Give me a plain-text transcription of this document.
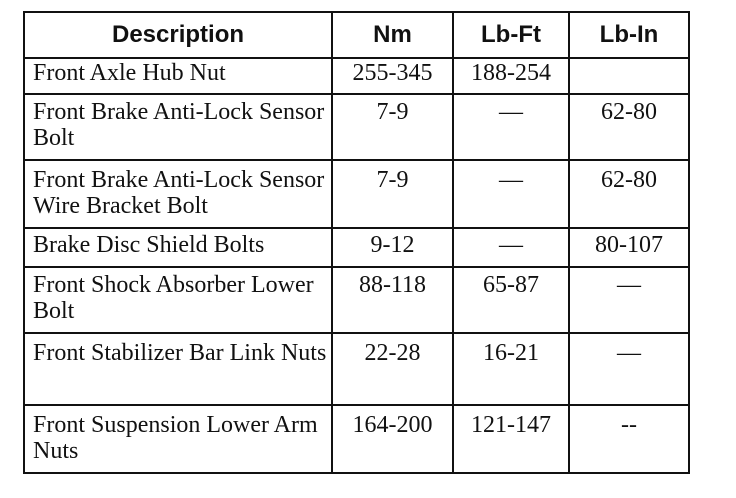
Description	Nm	Lb-Ft	Lb-In
Front Axle Hub Nut	255-345	188-254	
Front Brake Anti-Lock Sensor Bolt	7-9	—	62-80
Front Brake Anti-Lock Sensor Wire Bracket Bolt	7-9	—	62-80
Brake Disc Shield Bolts	9-12	—	80-107
Front Shock Absorber Lower Bolt	88-118	65-87	—
Front Stabilizer Bar Link Nuts	22-28	16-21	—
Front Suspension Lower Arm Nuts	164-200	121-147	--
